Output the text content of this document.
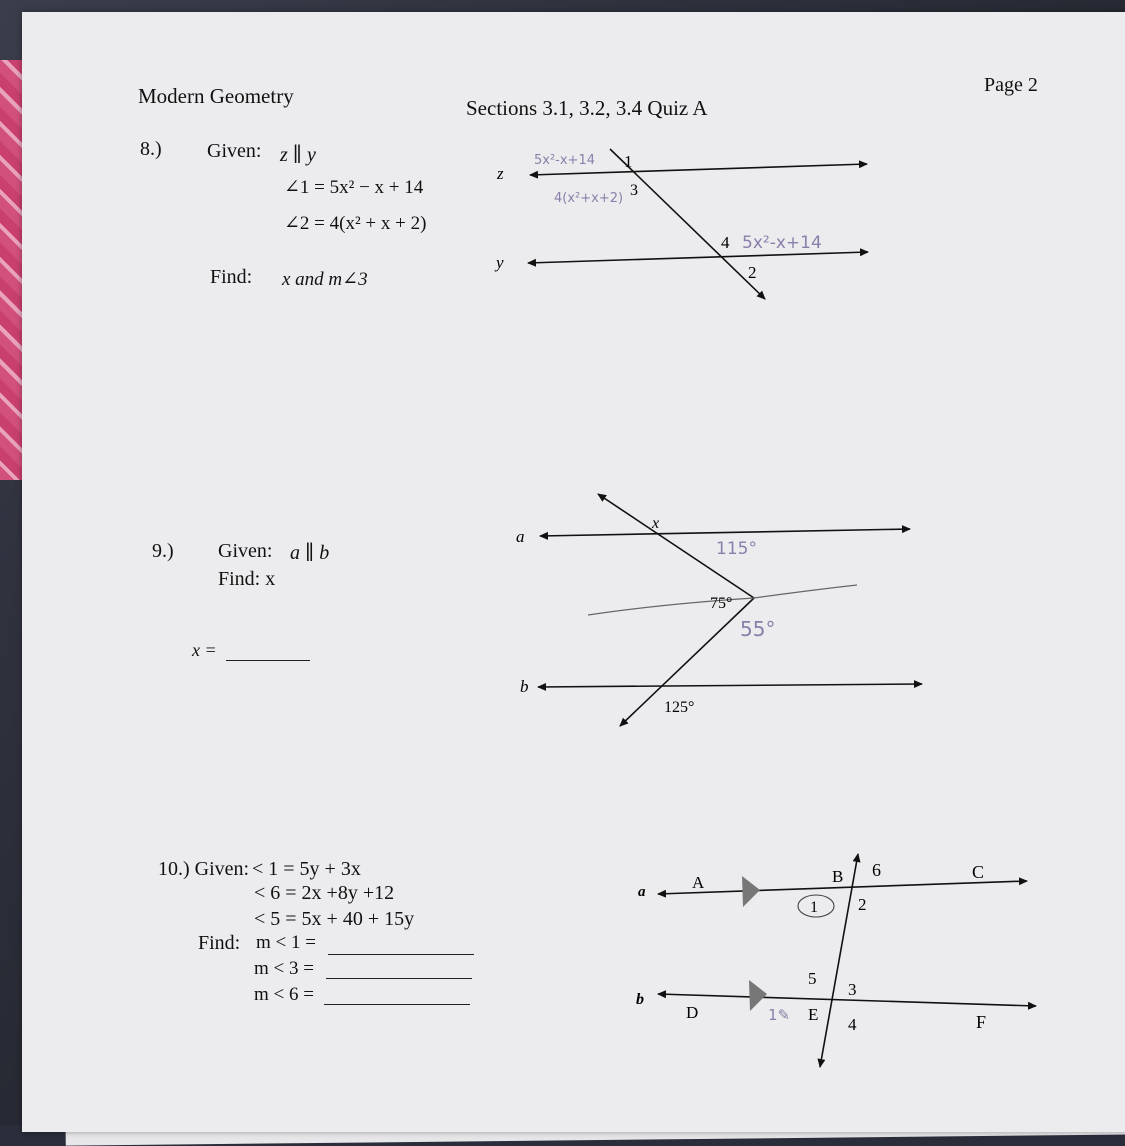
Modern Geometry	Sections 3.1, 3.2, 3.4 Quiz A
Page 2
8.) Given: z ∥ y
∠1 = 5x² − x + 14
∠2 = 4(x² + x + 2)
Find: x and m∠3
9.) Given: a ∥ b
Find: x
x =
10.) Given: < 1 = 5y + 3x
< 6 = 2x +8y +12
< 5 = 5x + 40 + 15y
Find: m < 1 =
m < 3 =
m < 6 =
z
y
1
3
4
2
5x²-x+14
4(x²+x+2)
5x²-x+14
a
b
x
75°
125°
115°
55°
a
b
A	B	C
D	E	F
1 2
3
4
5
6
1✎
